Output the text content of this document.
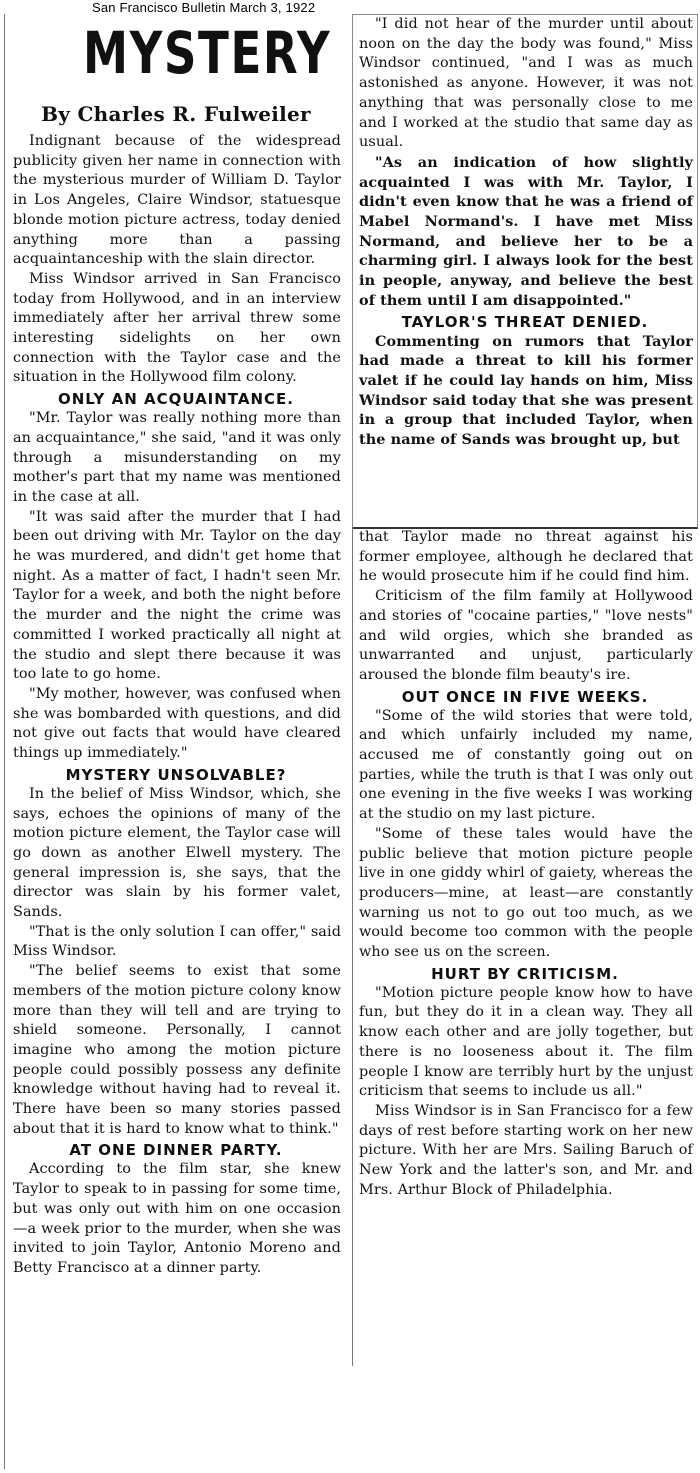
San Francisco Bulletin March 3, 1922
MYSTERY
By Charles R. Fulweiler

Indignant because of the widespread publicity given her name in connection with the mysterious murder of William D. Taylor in Los Angeles, Claire Windsor, statuesque blonde motion picture actress, today denied anything more than a passing acquaintanceship with the slain director.

Miss Windsor arrived in San Francisco today from Hollywood, and in an interview immediately after her arrival threw some interesting sidelights on her own connection with the Taylor case and the situation in the Hollywood film colony.

ONLY AN ACQUAINTANCE.

"Mr. Taylor was really nothing more than an acquaintance," she said, "and it was only through a misunderstanding on my mother's part that my name was mentioned in the case at all.

"It was said after the murder that I had been out driving with Mr. Taylor on the day he was murdered, and didn't get home that night. As a matter of fact, I hadn't seen Mr. Taylor for a week, and both the night before the murder and the night the crime was committed I worked practically all night at the studio and slept there because it was too late to go home.

"My mother, however, was confused when she was bombarded with questions, and did not give out facts that would have cleared things up immediately."

MYSTERY UNSOLVABLE?

In the belief of Miss Windsor, which, she says, echoes the opinions of many of the motion picture element, the Taylor case will go down as another Elwell mystery. The general impression is, she says, that the director was slain by his former valet, Sands.

"That is the only solution I can offer," said Miss Windsor.

"The belief seems to exist that some members of the motion picture colony know more than they will tell and are trying to shield someone. Personally, I cannot imagine who among the motion picture people could possibly possess any definite knowledge without having had to reveal it. There have been so many stories passed about that it is hard to know what to think."

AT ONE DINNER PARTY.

According to the film star, she knew Taylor to speak to in passing for some time, but was only out with him on one occasion—a week prior to the murder, when she was invited to join Taylor, Antonio Moreno and Betty Francisco at a dinner party.

"I did not hear of the murder until about noon on the day the body was found," Miss Windsor continued, "and I was as much astonished as anyone. However, it was not anything that was personally close to me and I worked at the studio that same day as usual.

"As an indication of how slightly acquainted I was with Mr. Taylor, I didn't even know that he was a friend of Mabel Normand's. I have met Miss Normand, and believe her to be a charming girl. I always look for the best in people, anyway, and believe the best of them until I am disappointed."

TAYLOR'S THREAT DENIED.

Commenting on rumors that Taylor had made a threat to kill his former valet if he could lay hands on him, Miss Windsor said today that she was present in a group that included Taylor, when the name of Sands was brought up, but

that Taylor made no threat against his former employee, although he declared that he would prosecute him if he could find him.

Criticism of the film family at Hollywood and stories of "cocaine parties," "love nests" and wild orgies, which she branded as unwarranted and unjust, particularly aroused the blonde film beauty's ire.

OUT ONCE IN FIVE WEEKS.

"Some of the wild stories that were told, and which unfairly included my name, accused me of constantly going out on parties, while the truth is that I was only out one evening in the five weeks I was working at the studio on my last picture.

"Some of these tales would have the public believe that motion picture people live in one giddy whirl of gaiety, whereas the producers—mine, at least—are constantly warning us not to go out too much, as we would become too common with the people who see us on the screen.

HURT BY CRITICISM.

"Motion picture people know how to have fun, but they do it in a clean way. They all know each other and are jolly together, but there is no looseness about it. The film people I know are terribly hurt by the unjust criticism that seems to include us all."

Miss Windsor is in San Francisco for a few days of rest before starting work on her new picture. With her are Mrs. Sailing Baruch of New York and the latter's son, and Mr. and Mrs. Arthur Block of Philadelphia.
